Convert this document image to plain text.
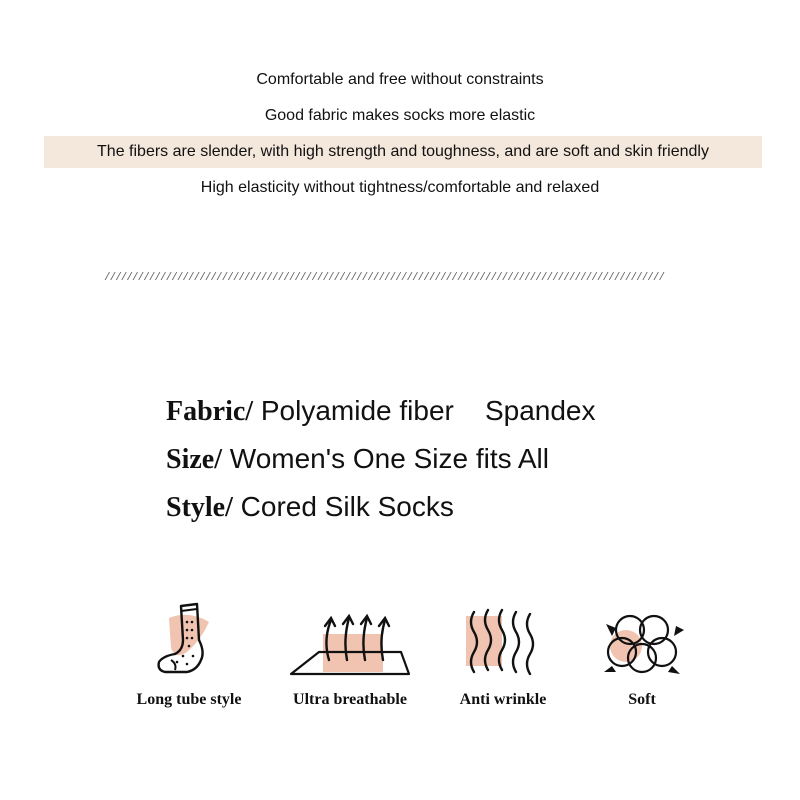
Comfortable and free without constraints
Good fabric makes socks more elastic
The fibers are slender, with high strength and toughness, and are soft and skin friendly
High elasticity without tightness/comfortable and relaxed
////////////////////////////////////////////////////////////////////////////////////////////////////
Fabric/ Polyamide fiber    Spandex
Size/ Women's One Size fits All
Style/ Cored Silk Socks
Long tube style	Ultra breathable	Anti wrinkle	Soft
